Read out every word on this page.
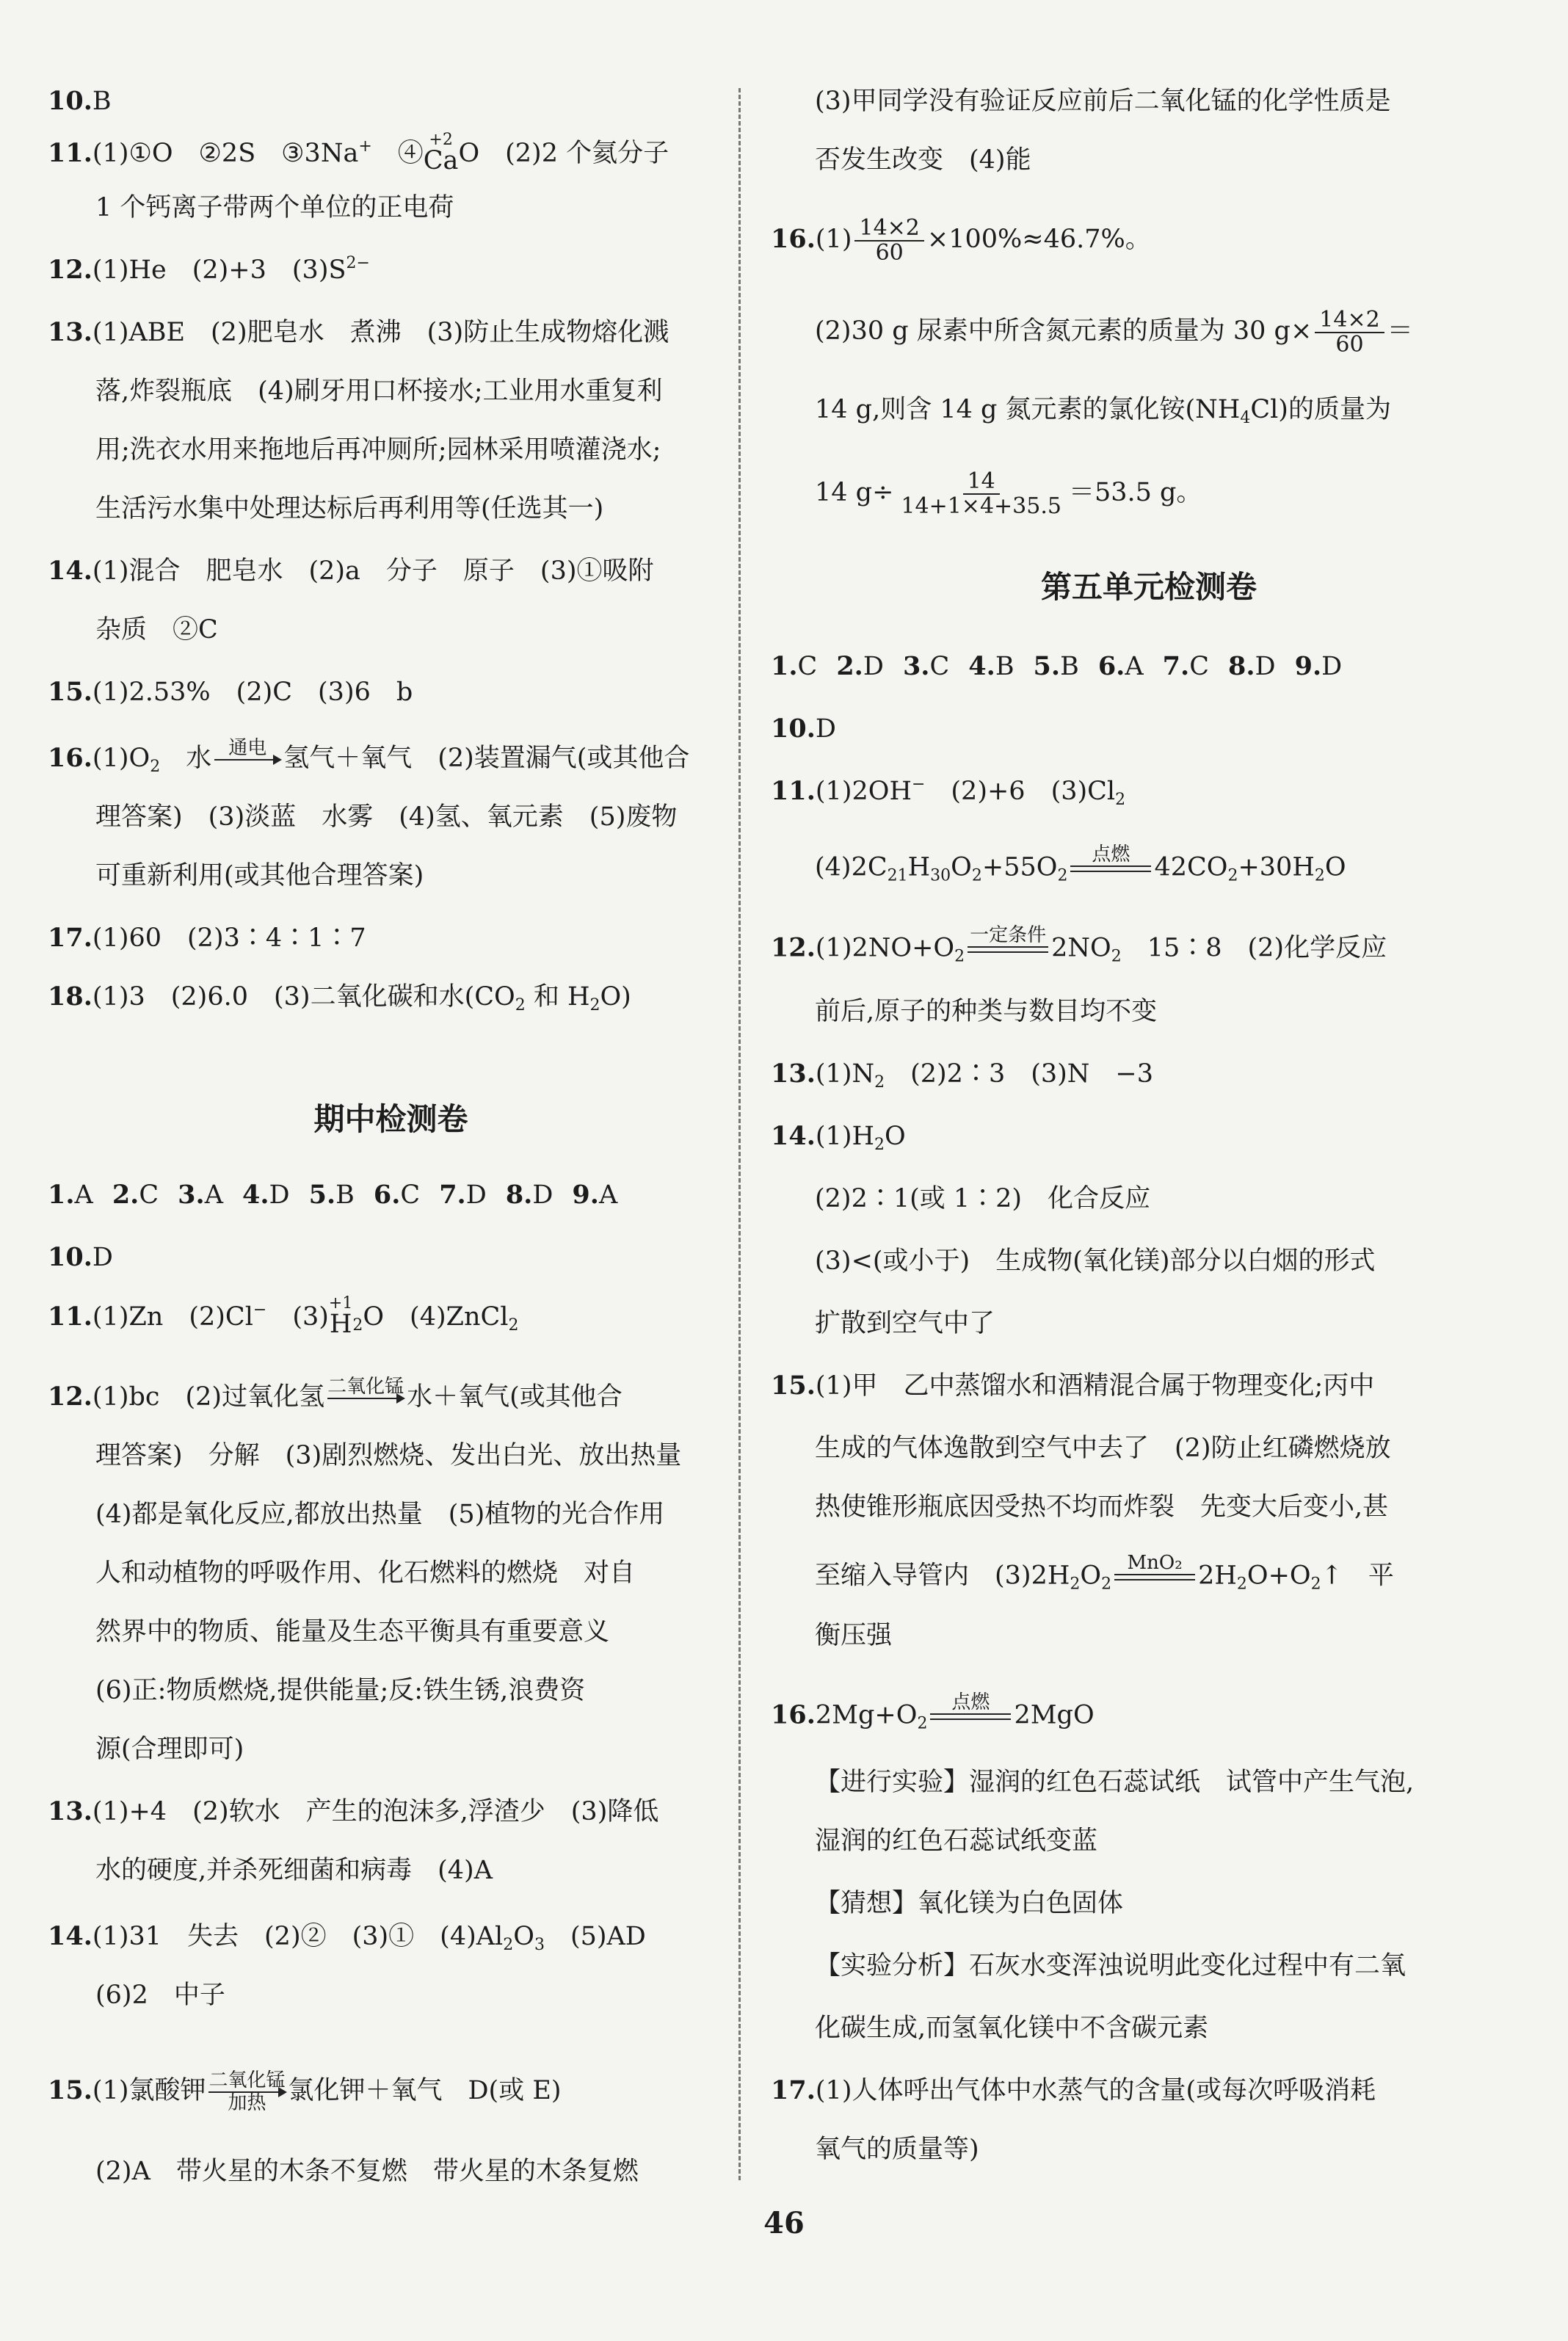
10.B
11.(1)①O　②2S　③3Na+　④ +2
Ca O　(2)2 个氦分子
1 个钙离子带两个单位的正电荷
12.(1)He　(2)+3　$(3)S^{2-}$
13.(1)ABE　(2)肥皂水　煮沸　(3)防止生成物熔化溅
落,炸裂瓶底　(4)刷牙用口杯接水;工业用水重复利
用;洗衣水用来拖地后再冲厕所;园林采用喷灌浇水;
生活污水集中处理达标后再利用等(任选其一)
14.(1)混合　肥皂水　(2)a　分子　原子　(3)①吸附
杂质　②C
15.(1)2.53%　(2)C　(3)6　b
$16.(1)O_2$　水 通电 氢气＋氧气　(2)装置漏气(或其他合
理答案)　(3)淡蓝　水雾　(4)氢、氧元素　(5)废物
可重新利用(或其他合理答案)
17.(1)60　(2)3∶4∶1∶7
18.(1)3　(2)6.0　(3)二氧化碳和水($CO_2$ 和 $H_2O$)
期中检测卷
1.A 2.C 3.A 4.D 5.B 6.C 7.D 8.D 9.A
10.D
11.(1)Zn　(2)Cl−　(3) +1
H $_2$O　(4)ZnCl$_2$
12.(1)bc　(2)过氧化氢 二氧化锰 水＋氧气(或其他合
理答案)　分解　(3)剧烈燃烧、发出白光、放出热量
(4)都是氧化反应,都放出热量　(5)植物的光合作用
人和动植物的呼吸作用、化石燃料的燃烧　对自
然界中的物质、能量及生态平衡具有重要意义
(6)正:物质燃烧,提供能量;反:铁生锈,浪费资
源(合理即可)
13.(1)+4　(2)软水　产生的泡沫多,浮渣少　(3)降低
水的硬度,并杀死细菌和病毒　(4)A
14.(1)31　失去　(2)②　(3)①　$(4)Al_2O_3$　(5)AD
(6)2　中子
15.(1)氯酸钾 二氧化锰
加热 氯化钾＋氧气　D(或 E)
(2)A　带火星的木条不复燃　带火星的木条复燃
(3)甲同学没有验证反应前后二氧化锰的化学性质是
否发生改变　(4)能
$16.(1) \frac{14\times 2}{60} \times 100\%\approx 46.7\%$。
(2)30 g 尿素中所含氮元素的质量为 30 $g\times \frac{14\times 2}{60}$ ＝
14 g,则含 14 g 氮元素的氯化铵$(NH_4Cl)$的质量为
14 $g\div \frac{14}{14+1\times 4+35.5} =53.5$ g。
第五单元检测卷
1.C 2.D 3.C 4.B 5.B 6.A 7.C 8.D 9.D
10.D
11.(1)2OH−　(2)+6　$(3)Cl_2$
$(4)2C_{21}H_{30}O_2+55O_2$
点燃 $42CO_2+30H_2O$
$12.(1)2NO+O_2$
一定条件 $2NO_2$　15∶8　(2)化学反应
前后,原子的种类与数目均不变
$13.(1)N_2$　(2)2∶3　(3)N　−3
$14.(1)H_2O$
(2)2∶1(或 1∶2)　化合反应
(3)<(或小于)　生成物(氧化镁)部分以白烟的形式
扩散到空气中了
15.(1)甲　乙中蒸馏水和酒精混合属于物理变化;丙中
生成的气体逸散到空气中去了　(2)防止红磷燃烧放
热使锥形瓶底因受热不均而炸裂　先变大后变小,甚
至缩入导管内　$(3)2H_2O_2$
MnO₂ $2H_2O+O_2↑$　平
衡压强
$16.2Mg+O_2$
点燃 2MgO
【进行实验】湿润的红色石蕊试纸　试管中产生气泡,
湿润的红色石蕊试纸变蓝
【猜想】氧化镁为白色固体
【实验分析】石灰水变浑浊说明此变化过程中有二氧
化碳生成,而氢氧化镁中不含碳元素
17.(1)人体呼出气体中水蒸气的含量(或每次呼吸消耗
氧气的质量等)
46
